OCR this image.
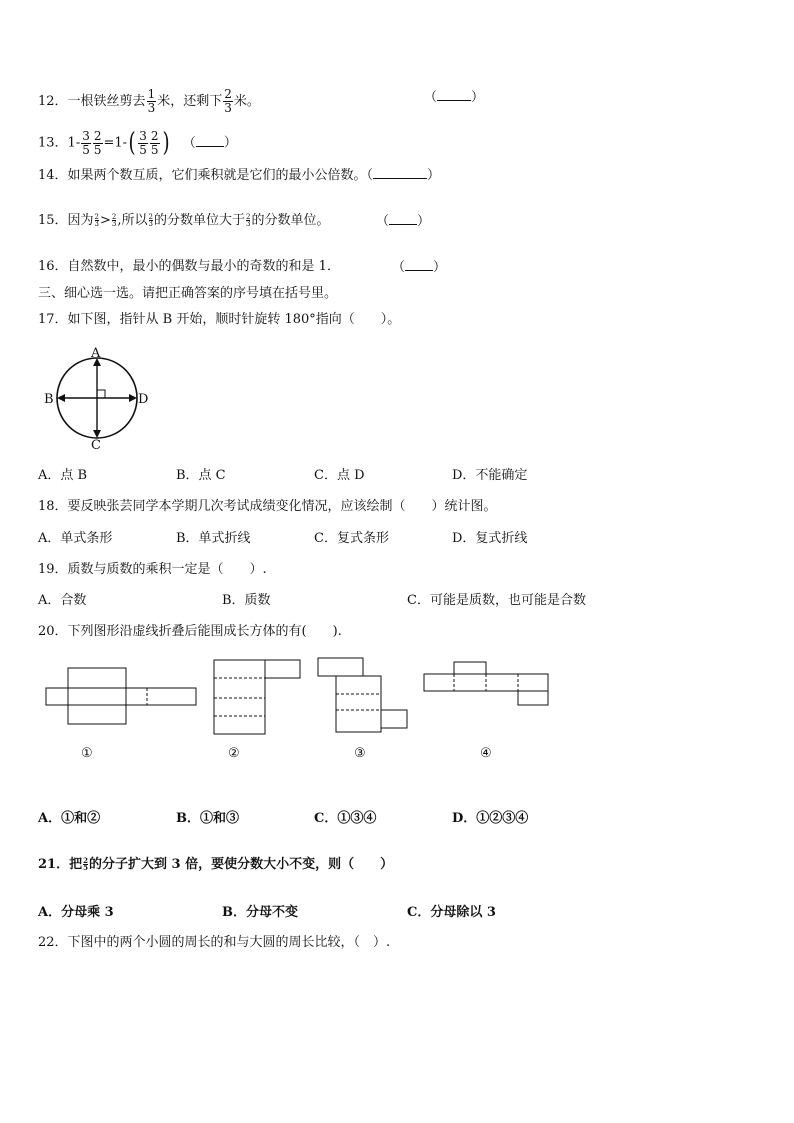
12．一根铁丝剪去 $\frac{1}{3}$ 米，还剩下 $\frac{2}{3}$ 米。	（	）
13．$1- \frac{3}{5} \frac{2}{5} =1-( \frac{3}{5} \frac{2}{5}$ ) （ ）
14．如果两个数互质，它们乘积就是它们的最小公倍数。（	）
15．因为 $\frac{2}{3}> \frac{2}{3}$,所以 $\frac{2}{3}$的分数单位大于 $\frac{2}{3}$的分数单位。	（ ）
16．自然数中，最小的偶数与最小的奇数的和是 1．	（ ）
三、细心选一选。请把正确答案的序号填在括号里。
17．如下图，指针从 B 开始，顺时针旋转 180°指向（　　）。
A
B	D
C
A．点 B	B．点 C	C．点 D	D．不能确定
18．要反映张芸同学本学期几次考试成绩变化情况，应该绘制（　　）统计图。
A．单式条形	B．单式折线	C．复式条形	D．复式折线
19．质数与质数的乘积一定是（　　）.
A．合数	B．质数	C．可能是质数，也可能是合数
20．下列图形沿虚线折叠后能围成长方体的有(　　).
①	②	③	④
A．①和②	B．①和③	C．①③④	D．①②③④
21．把 2
5的分子扩大到 3 倍，要使分数大小不变，则（　　）
A．分母乘 3	B．分母不变	C．分母除以 3
22．下图中的两个小圆的周长的和与大圆的周长比较，（　）.
